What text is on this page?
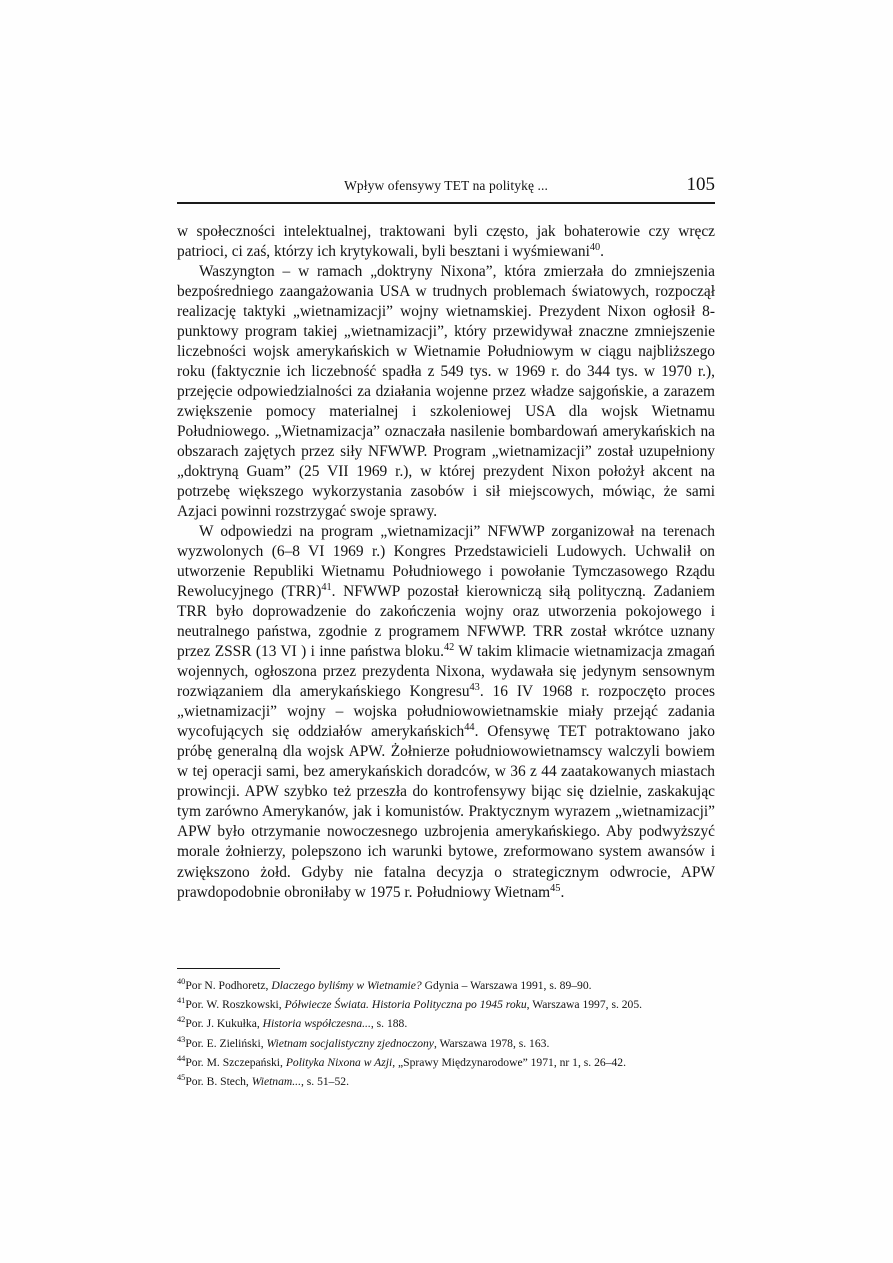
Wpływ ofensywy TET na politykę ...	105

w społeczności intelektualnej, traktowani byli często, jak bohaterowie czy wręcz patrioci, ci zaś, którzy ich krytykowali, byli besztani i wyśmiewani$^{40}$.

Waszyngton – w ramach „doktryny Nixona”, która zmierzała do zmniejszenia bezpośredniego zaangażowania USA w trudnych problemach światowych, rozpoczął realizację taktyki „wietnamizacji” wojny wietnamskiej. Prezydent Nixon ogłosił 8-punktowy program takiej „wietnamizacji”, który przewidywał znaczne zmniejszenie liczebności wojsk amerykańskich w Wietnamie Południowym w ciągu najbliższego roku (faktycznie ich liczebność spadła z 549 tys. w 1969 r. do 344 tys. w 1970 r.), przejęcie odpowiedzialności za działania wojenne przez władze sajgońskie, a zarazem zwiększenie pomocy materialnej i szkoleniowej USA dla wojsk Wietnamu Południowego. „Wietnamizacja” oznaczała nasilenie bombardowań amerykańskich na obszarach zajętych przez siły NFWWP. Program „wietnamizacji” został uzupełniony „doktryną Guam” (25 VII 1969 r.), w której prezydent Nixon położył akcent na potrzebę większego wykorzystania zasobów i sił miejscowych, mówiąc, że sami Azjaci powinni rozstrzygać swoje sprawy.

W odpowiedzi na program „wietnamizacji” NFWWP zorganizował na terenach wyzwolonych (6–8 VI 1969 r.) Kongres Przedstawicieli Ludowych. Uchwalił on utworzenie Republiki Wietnamu Południowego i powołanie Tymczasowego Rządu Rewolucyjnego (TRR)$^{41}$. NFWWP pozostał kierowniczą siłą polityczną. Zadaniem TRR było doprowadzenie do zakończenia wojny oraz utworzenia pokojowego i neutralnego państwa, zgodnie z programem NFWWP. TRR został wkrótce uznany przez ZSSR (13 VI ) i inne państwa bloku.$^{42}$ W takim klimacie wietnamizacja zmagań wojennych, ogłoszona przez prezydenta Nixona, wydawała się jedynym sensownym rozwiązaniem dla amerykańskiego Kongresu$^{43}$. 16 IV 1968 r. rozpoczęto proces „wietnamizacji” wojny – wojska południowowietnamskie miały przejąć zadania wycofujących się oddziałów amerykańskich$^{44}$. Ofensywę TET potraktowano jako próbę generalną dla wojsk APW. Żołnierze południowowietnamscy walczyli bowiem w tej operacji sami, bez amerykańskich doradców, w 36 z 44 zaatakowanych miastach prowincji. APW szybko też przeszła do kontrofensywy bijąc się dzielnie, zaskakując tym zarówno Amerykanów, jak i komunistów. Praktycznym wyrazem „wietnamizacji” APW było otrzymanie nowoczesnego uzbrojenia amerykańskiego. Aby podwyższyć morale żołnierzy, polepszono ich warunki bytowe, zreformowano system awansów i zwiększono żołd. Gdyby nie fatalna decyzja o strategicznym odwrocie, APW prawdopodobnie obroniłaby w 1975 r. Południowy Wietnam$^{45}$.

$^{40}$Por N. Podhoretz, Dlaczego byliśmy w Wietnamie? Gdynia – Warszawa 1991, s. 89–90.

$^{41}$Por. W. Roszkowski, Półwiecze Świata. Historia Polityczna po 1945 roku, Warszawa 1997, s. 205.

$^{42}$Por. J. Kukułka, Historia współczesna..., s. 188.

$^{43}$Por. E. Zieliński, Wietnam socjalistyczny zjednoczony, Warszawa 1978, s. 163.

$^{44}$Por. M. Szczepański, Polityka Nixona w Azji, „Sprawy Międzynarodowe” 1971, nr 1, s. 26–42.

$^{45}$Por. B. Stech, Wietnam..., s. 51–52.
